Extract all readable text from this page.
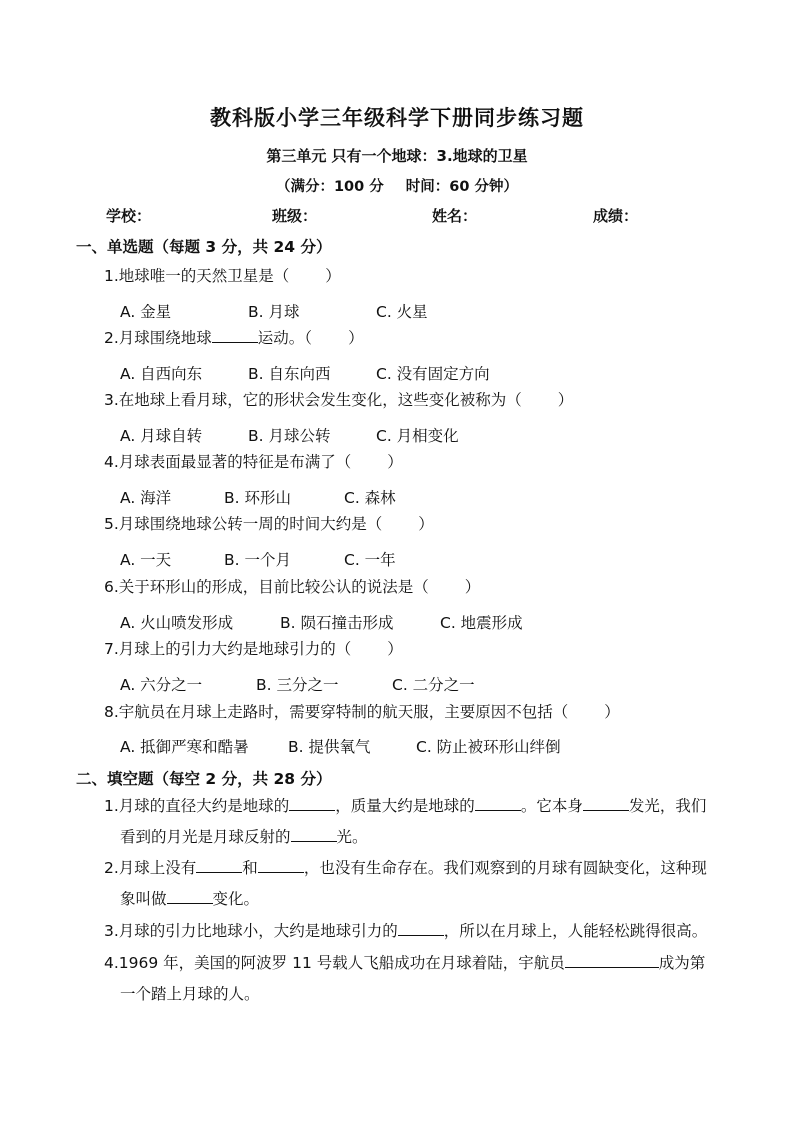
教科版小学三年级科学下册同步练习题
第三单元 只有一个地球：3.地球的卫星
（满分：100 分 时间：60 分钟）
学校：	班级：	姓名：	成绩：
一、单选题（每题 3 分，共 24 分）
1.地球唯一的天然卫星是（ ）
A. 金星	B. 月球	C. 火星
2.月球围绕地球	运动。（ ）
A. 自西向东	B. 自东向西	C. 没有固定方向
3.在地球上看月球，它的形状会发生变化，这些变化被称为（ ）
A. 月球自转	B. 月球公转	C. 月相变化
4.月球表面最显著的特征是布满了（ ）
A. 海洋	B. 环形山	C. 森林
5.月球围绕地球公转一周的时间大约是（ ）
A. 一天	B. 一个月	C. 一年
6.关于环形山的形成，目前比较公认的说法是（ ）
A. 火山喷发形成	B. 陨石撞击形成	C. 地震形成
7.月球上的引力大约是地球引力的（ ）
A. 六分之一	B. 三分之一	C. 二分之一
8.宇航员在月球上走路时，需要穿特制的航天服，主要原因不包括（ ）
A. 抵御严寒和酷暑	B. 提供氧气	C. 防止被环形山绊倒
二、填空题（每空 2 分，共 28 分）
1.月球的直径大约是地球的	，质量大约是地球的	。它本身	发光，我们
看到的月光是月球反射的	光。
2.月球上没有	和	，也没有生命存在。我们观察到的月球有圆缺变化，这种现
象叫做	变化。
3.月球的引力比地球小，大约是地球引力的	，所以在月球上，人能轻松跳得很高。
4.1969 年，美国的阿波罗 11 号载人飞船成功在月球着陆，宇航员	成为第
一个踏上月球的人。
